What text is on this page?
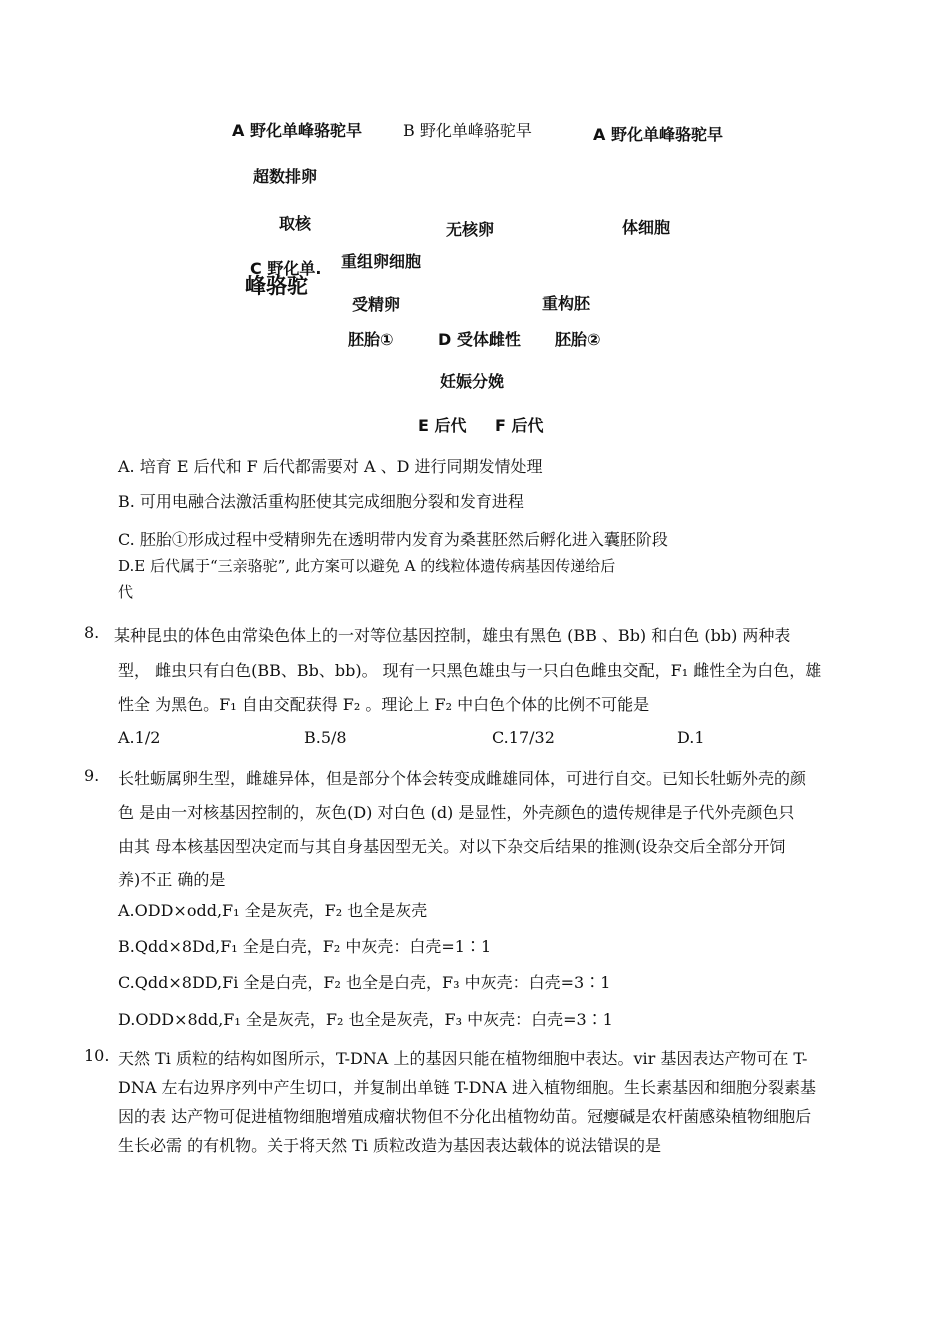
A 野化单峰骆驼早	B 野化单峰骆驼早	A 野化单峰骆驼早
超数排卵
取核	无核卵	体细胞
C 野化单.
峰骆驼
重组卵细胞
受精卵	重构胚
胚胎①	D 受体雌性 胚胎②
妊娠分娩
E 后代 F 后代
A. 培育 E 后代和 F 后代都需要对 A 、D 进行同期发情处理
B. 可用电融合法激活重构胚使其完成细胞分裂和发育进程
C. 胚胎①形成过程中受精卵先在透明带内发育为桑葚胚然后孵化进入囊胚阶段
D.E 后代属于“三亲骆驼”, 此方案可以避免 A 的线粒体遗传病基因传递给后
代
8. 某种昆虫的体色由常染色体上的一对等位基因控制，雄虫有黑色 (BB 、Bb) 和白色 (bb) 两种表
型， 雌虫只有白色(BB、Bb、bb)。 现有一只黑色雄虫与一只白色雌虫交配，F₁ 雌性全为白色，雄
性全 为黑色。F₁ 自由交配获得 F₂ 。理论上 F₂ 中白色个体的比例不可能是
A.1/2	B.5/8	C.17/32	D.1
9. 长牡蛎属卵生型，雌雄异体，但是部分个体会转变成雌雄同体，可进行自交。已知长牡蛎外壳的颜
色 是由一对核基因控制的，灰色(D) 对白色 (d) 是显性，外壳颜色的遗传规律是子代外壳颜色只
由其 母本核基因型决定而与其自身基因型无关。对以下杂交后结果的推测(设杂交后全部分开饲
养)不正 确的是
A.ODD×odd,F₁ 全是灰壳，F₂ 也全是灰壳
B.Qdd×8Dd,F₁ 全是白壳，F₂ 中灰壳：白壳=1∶1
C.Qdd×8DD,Fi 全是白壳，F₂ 也全是白壳，F₃ 中灰壳：白壳=3∶1
D.ODD×8dd,F₁ 全是灰壳，F₂ 也全是灰壳，F₃ 中灰壳：白壳=3∶1
10. 天然 Ti 质粒的结构如图所示，T-DNA 上的基因只能在植物细胞中表达。vir 基因表达产物可在 T-
DNA 左右边界序列中产生切口，并复制出单链 T-DNA 进入植物细胞。生长素基因和细胞分裂素基
因的表 达产物可促进植物细胞增殖成瘤状物但不分化出植物幼苗。冠瘿碱是农杆菌感染植物细胞后
生长必需 的有机物。关于将天然 Ti 质粒改造为基因表达载体的说法错误的是
